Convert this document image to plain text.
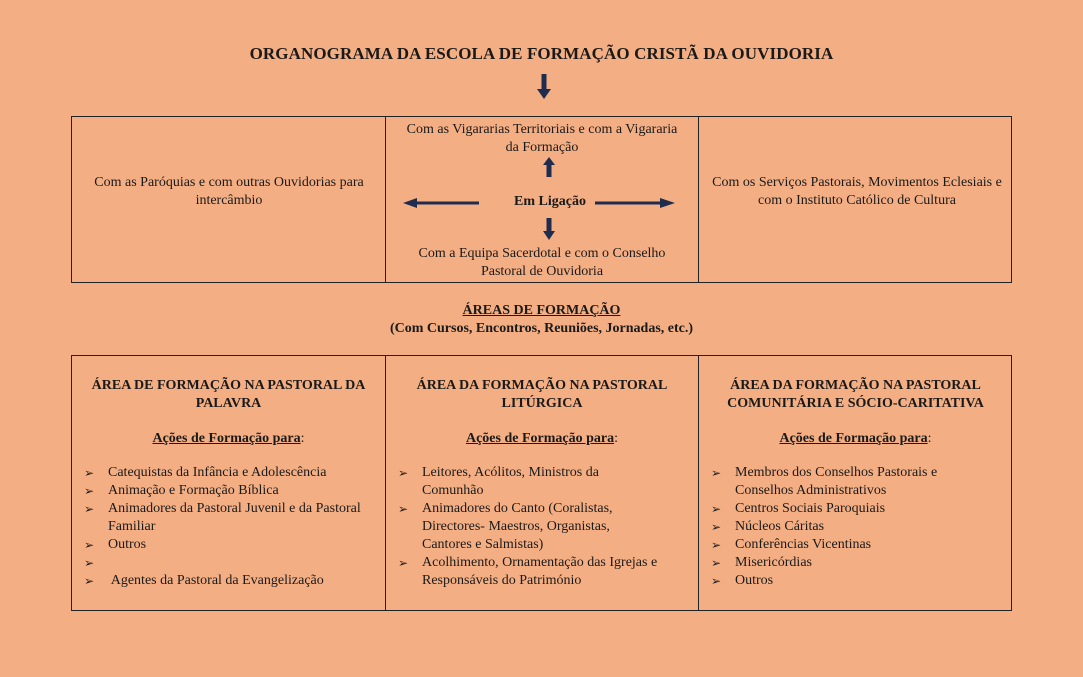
ORGANOGRAMA DA ESCOLA DE FORMAÇÃO CRISTÃ DA OUVIDORIA
Com as Paróquias e com outras Ouvidorias para intercâmbio
Com as Vigararias Territoriais e com a Vigararia da Formação
Em Ligação
Com a Equipa Sacerdotal e com o Conselho Pastoral de Ouvidoria
Com os Serviços Pastorais, Movimentos Eclesiais e com o Instituto Católico de Cultura
ÁREAS DE FORMAÇÃO
(Com Cursos, Encontros, Reuniões, Jornadas, etc.)
ÁREA DE FORMAÇÃO NA PASTORAL DA PALAVRA
Ações de Formação para:
➢ Catequistas da Infância e Adolescência
➢ Animação e Formação Bíblica
➢ Animadores da Pastoral Juvenil e da Pastoral Familiar
➢ Outros
➢
➢ Agentes da Pastoral da Evangelização
ÁREA DA FORMAÇÃO NA PASTORAL LITÚRGICA
Ações de Formação para:
➢ Leitores, Acólitos, Ministros da Comunhão
➢ Animadores do Canto (Coralistas, Directores- Maestros, Organistas, Cantores e Salmistas)
➢ Acolhimento, Ornamentação das Igrejas e Responsáveis do Património
ÁREA DA FORMAÇÃO NA PASTORAL COMUNITÁRIA E SÓCIO-CARITATIVA
Ações de Formação para:
➢ Membros dos Conselhos Pastorais e Conselhos Administrativos
➢ Centros Sociais Paroquiais
➢ Núcleos Cáritas
➢ Conferências Vicentinas
➢ Misericórdias
➢ Outros
